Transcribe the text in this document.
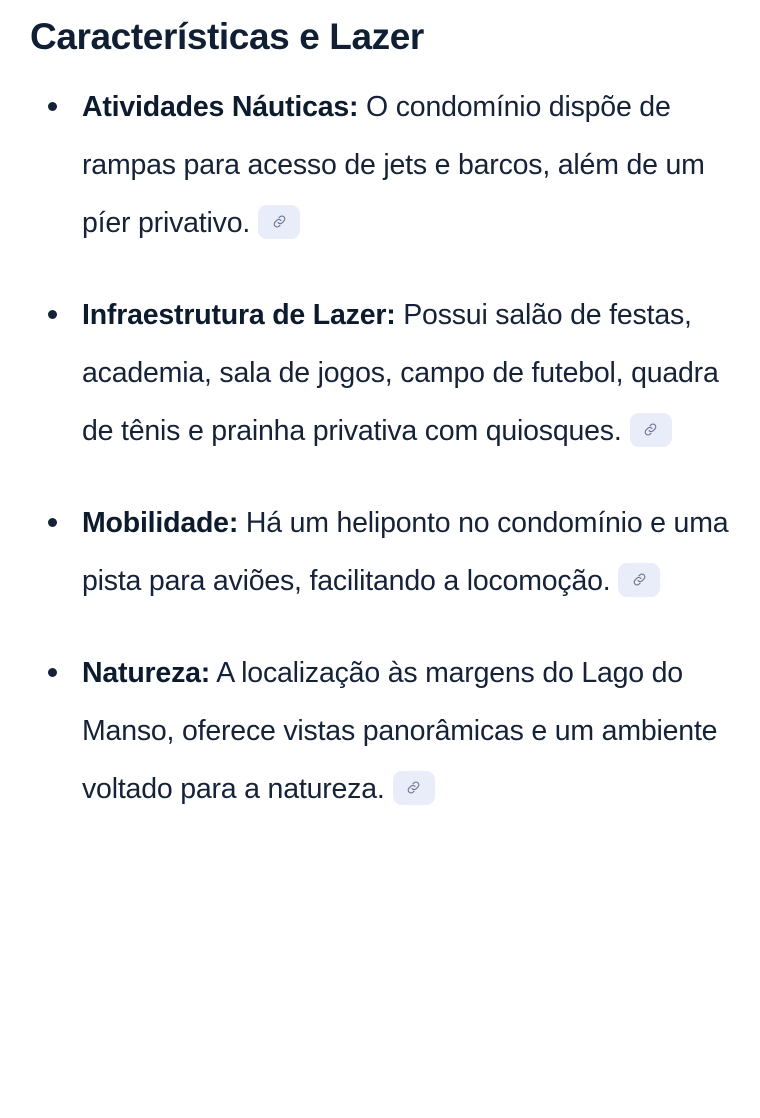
Características e Lazer
Atividades Náuticas: O condomínio dispõe de rampas para acesso de jets e barcos, além de um píer privativo.
Infraestrutura de Lazer: Possui salão de festas, academia, sala de jogos, campo de futebol, quadra de tênis e prainha privativa com quiosques.
Mobilidade: Há um heliponto no condomínio e uma pista para aviões, facilitando a locomoção.
Natureza: A localização às margens do Lago do Manso, oferece vistas panorâmicas e um ambiente voltado para a natureza.
